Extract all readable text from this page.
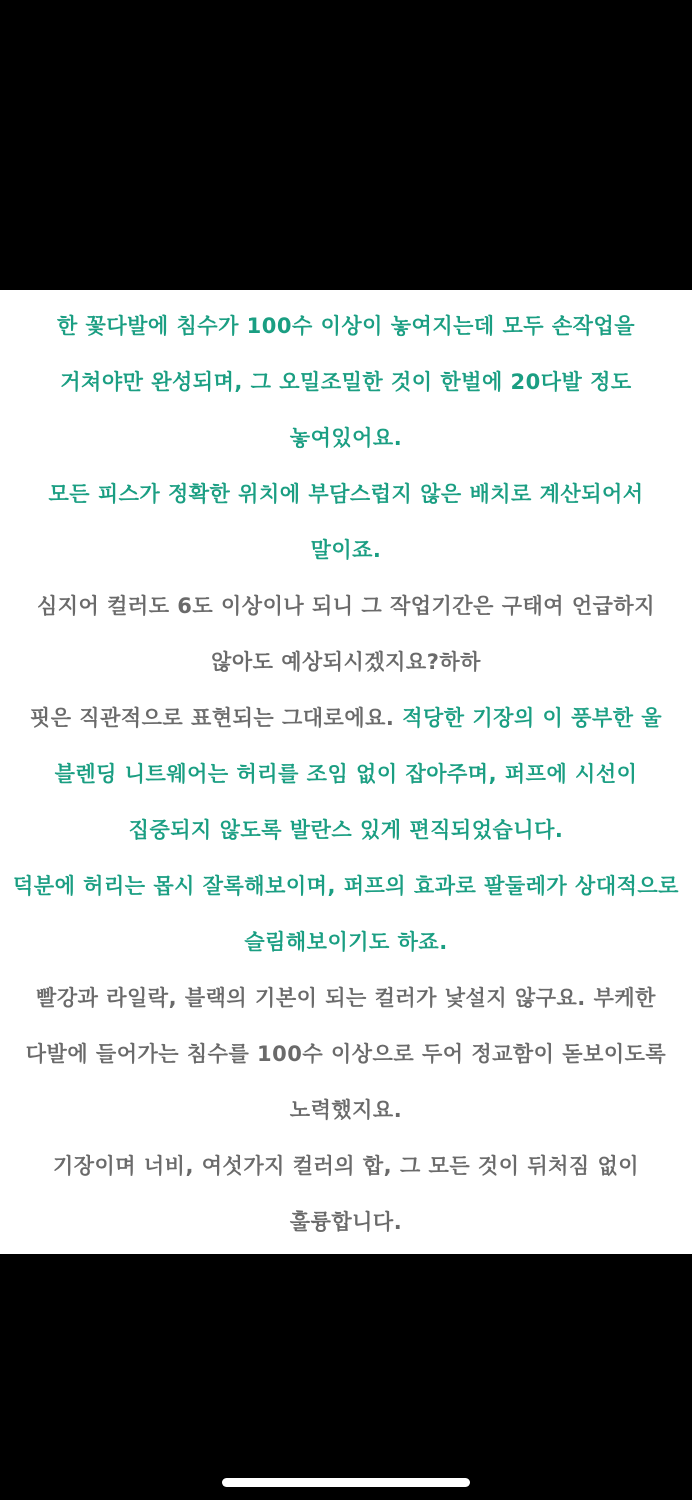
한 꽃다발에 침수가 100수 이상이 놓여지는데 모두 손작업을 거쳐야만 완성되며, 그 오밀조밀한 것이 한벌에 20다발 정도 놓여있어요.

모든 피스가 정확한 위치에 부담스럽지 않은 배치로 계산되어서 말이죠.

심지어 컬러도 6도 이상이나 되니 그 작업기간은 구태여 언급하지 않아도 예상되시겠지요?하하

핏은 직관적으로 표현되는 그대로에요. 적당한 기장의 이 풍부한 울 블렌딩 니트웨어는 허리를 조임 없이 잡아주며, 퍼프에 시선이 집중되지 않도록 발란스 있게 편직되었습니다.

덕분에 허리는 몹시 잘록해보이며, 퍼프의 효과로 팔둘레가 상대적으로 슬림해보이기도 하죠.

빨강과 라일락, 블랙의 기본이 되는 컬러가 낯설지 않구요. 부케한 다발에 들어가는 침수를 100수 이상으로 두어 정교함이 돋보이도록 노력했지요.

기장이며 너비, 여섯가지 컬러의 합, 그 모든 것이 뒤처짐 없이 훌륭합니다.
